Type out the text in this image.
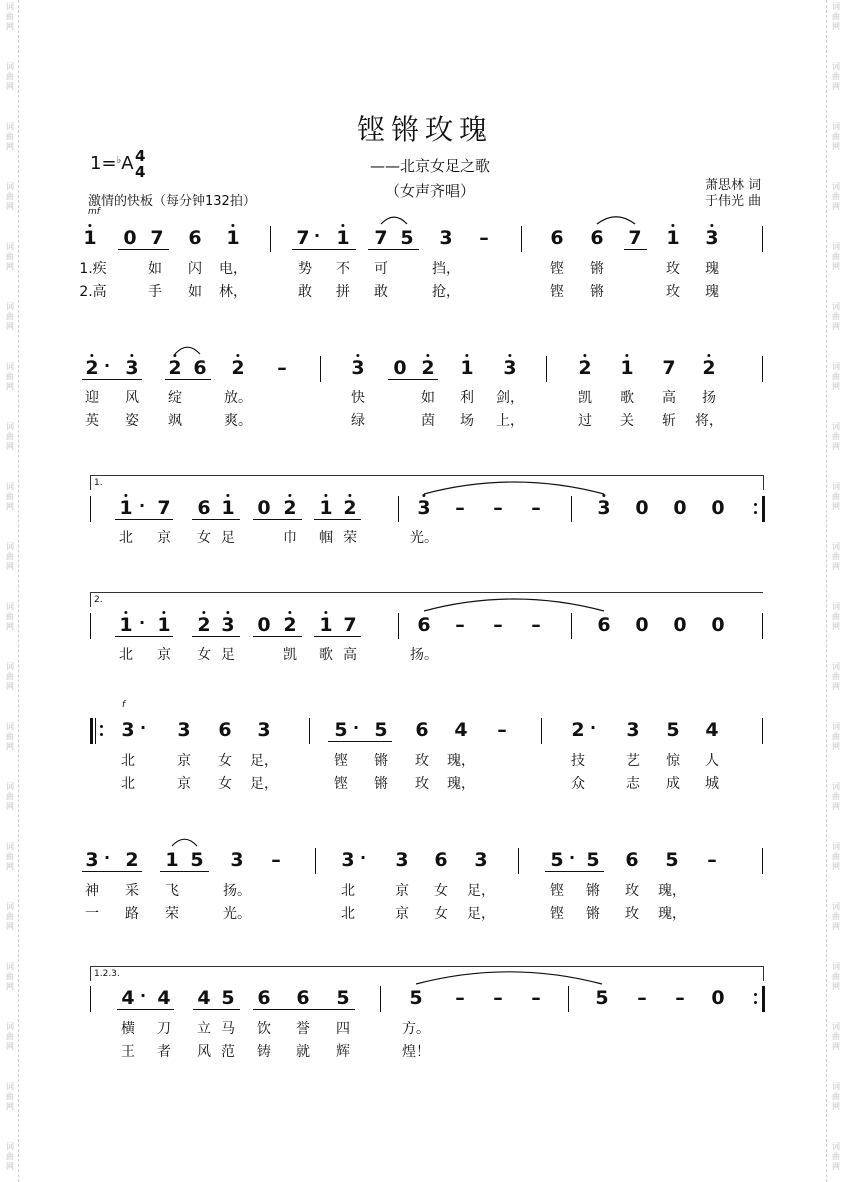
词
曲
网
词
曲
网
词
曲
网
词
曲
网
词
曲
网
词
曲
网
词
曲
网
词
曲
网
词
曲
网
词
曲
网
词
曲
网
词
曲
网
词
曲
网
词
曲
网
词
曲
网
词
曲
网
词
曲
网
词
曲
网
词
曲
网
词
曲
网
词
曲
网
词
曲
网
词
曲
网
词
曲
网
词
曲
网
词
曲
网
词
曲
网
词
曲
网
词
曲
网
词
曲
网
词
曲
网
词
曲
网
词
曲
网
词
曲
网
词
曲
网
词
曲
网
词
曲
网
词
曲
网
词
曲
网
词
曲
网
铿锵玫瑰
——北京女足之歌
（女声齐唱）
1=♭A 4
4
激情的快板（每分钟132拍）
mf
f
萧思林 词
于伟光 曲
1 0 7 6 1	7 · 1 7 5 3 –	6 6 7 1 3
1.疾	如 闪 电，	势 不 可	挡，	铿 锵	玫 瑰
2.高	手 如 林，	敢 拼 敢	抢，	铿 锵	玫 瑰
2 · 3 2 6 2 –	3 0 2 1 3	2 1 7 2
迎 风 绽	放。	快	如 利 剑，	凯 歌 高 扬
英 姿 飒	爽。	绿	茵 场 上，	过 关 斩 将，
1 · 7 6 1 0 2 1 2	3 – – –	3 0 0 0
1.
北 京 女 足	巾 帼 荣	光。
1 · 1 2 3 0 2 1 7	6 – – –	6 0 0 0
2.
北 京 女 足	凯 歌 高	扬。
3 · 3 6 3	5 · 5 6 4 –	2 · 3 5 4
北	京 女 足，	铿 锵 玫 瑰，	技	艺 惊 人
北	京 女 足，	铿 锵 玫 瑰，	众	志 成 城
3 · 2 1 5 3 –	3 · 3 6 3	5 · 5 6 5 –
神 采 飞	扬。	北	京 女 足，	铿 锵 玫 瑰，
一 路 荣	光。	北	京 女 足，	铿 锵 玫 瑰，
4 · 4 4 5 6 6 5	5 – – –	5 – – 0
1.2.3.
横 刀 立 马 饮 誉 四	方。
王 者 风 范 铸 就 辉	煌！
